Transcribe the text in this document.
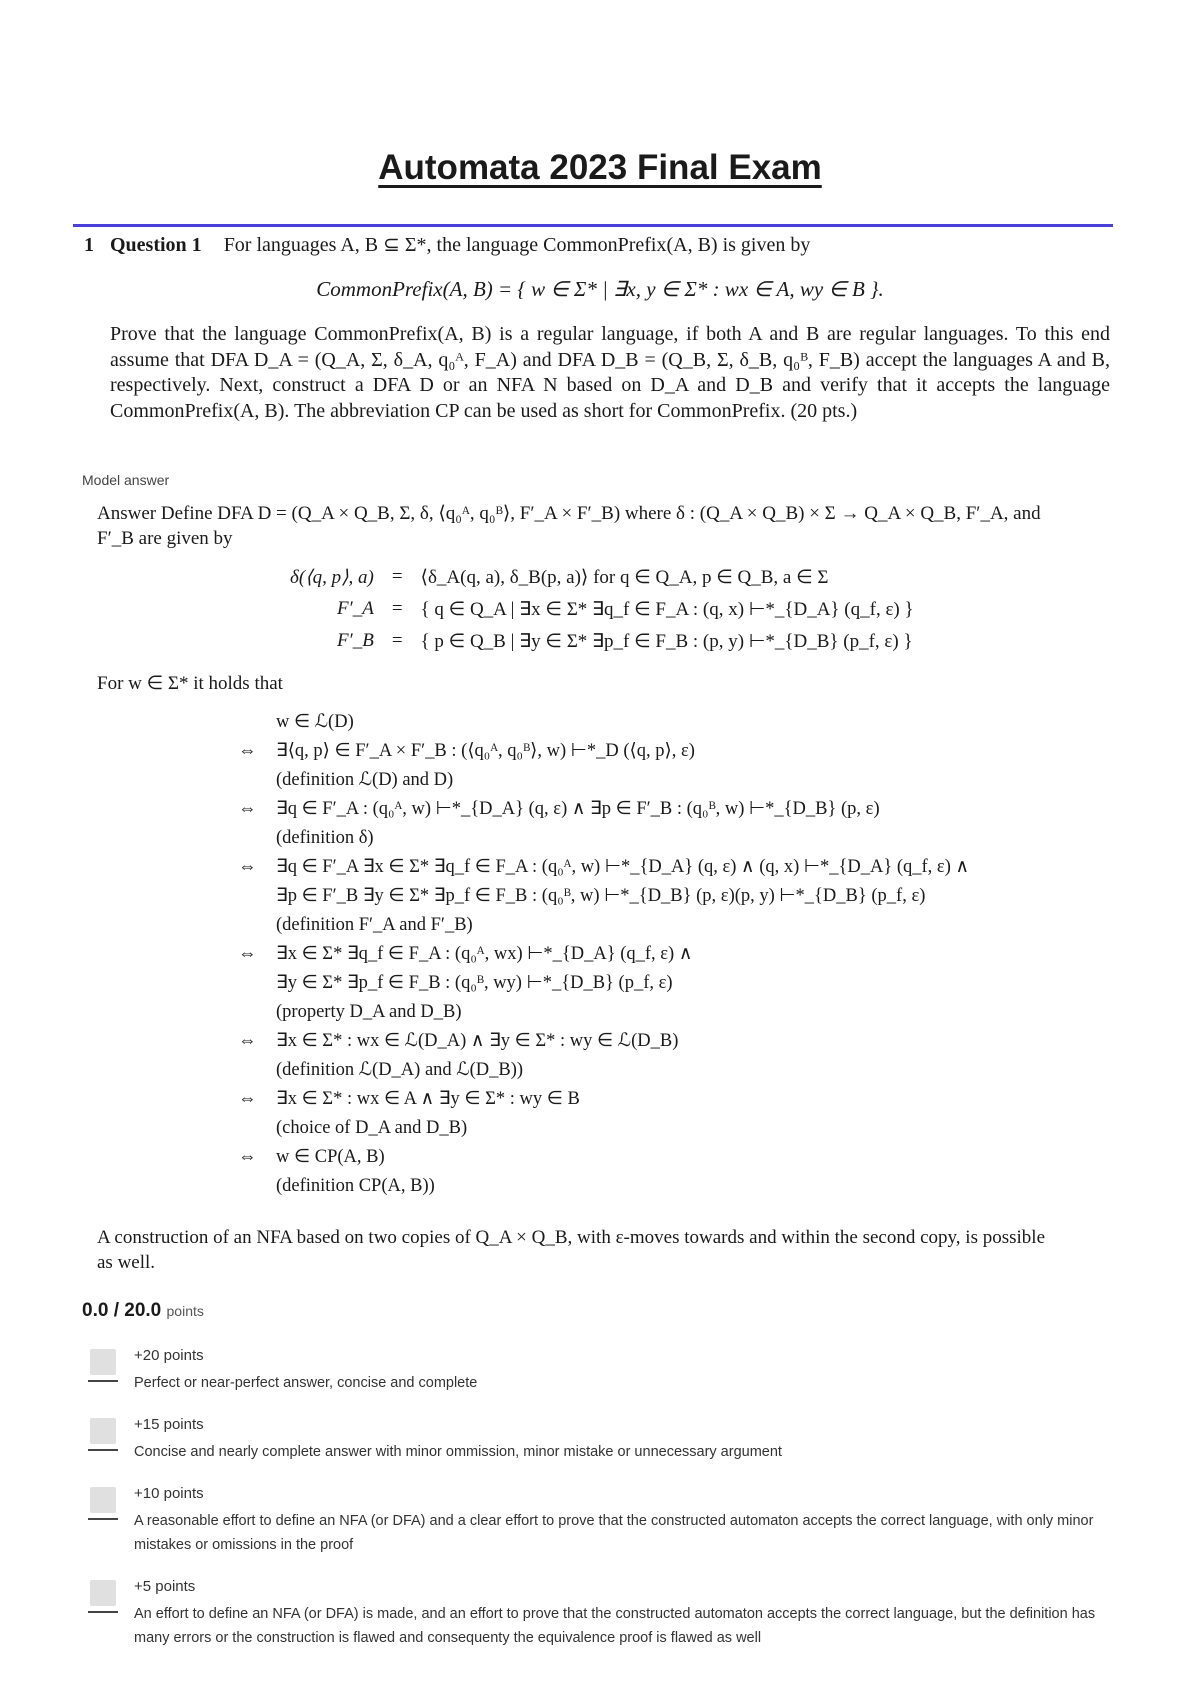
Automata 2023 Final Exam
1 Question 1 For languages A, B ⊆ Σ*, the language CommonPrefix(A, B) is given by
CommonPrefix(A, B) = { w ∈ Σ* | ∃x, y ∈ Σ* : wx ∈ A, wy ∈ B }.
Prove that the language CommonPrefix(A, B) is a regular language, if both A and B are regular languages. To this end assume that DFA D_A = (Q_A, Σ, δ_A, q₀ᴬ, F_A) and DFA D_B = (Q_B, Σ, δ_B, q₀ᴮ, F_B) accept the languages A and B, respectively. Next, construct a DFA D or an NFA N based on D_A and D_B and verify that it accepts the language CommonPrefix(A, B). The abbreviation CP can be used as short for CommonPrefix. (20 pts.)
Model answer
Answer Define DFA D = (Q_A × Q_B, Σ, δ, ⟨q₀ᴬ, q₀ᴮ⟩, F′_A × F′_B) where δ : (Q_A × Q_B) × Σ → Q_A × Q_B, F′_A, and F′_B are given by
δ(⟨q, p⟩, a)	=	⟨δ_A(q, a), δ_B(p, a)⟩ for q ∈ Q_A, p ∈ Q_B, a ∈ Σ
F′_A	=	{ q ∈ Q_A | ∃x ∈ Σ* ∃q_f ∈ F_A : (q, x) ⊢*_{D_A} (q_f, ε) }
F′_B	=	{ p ∈ Q_B | ∃y ∈ Σ* ∃p_f ∈ F_B : (p, y) ⊢*_{D_B} (p_f, ε) }
For w ∈ Σ* it holds that
w ∈ ℒ(D)
⇔ ∃⟨q, p⟩ ∈ F′_A × F′_B : (⟨q₀ᴬ, q₀ᴮ⟩, w) ⊢*_D (⟨q, p⟩, ε)
(definition ℒ(D) and D)
⇔ ∃q ∈ F′_A : (q₀ᴬ, w) ⊢*_{D_A} (q, ε) ∧ ∃p ∈ F′_B : (q₀ᴮ, w) ⊢*_{D_B} (p, ε)
(definition δ)
⇔ ∃q ∈ F′_A ∃x ∈ Σ* ∃q_f ∈ F_A : (q₀ᴬ, w) ⊢*_{D_A} (q, ε) ∧ (q, x) ⊢*_{D_A} (q_f, ε) ∧
∃p ∈ F′_B ∃y ∈ Σ* ∃p_f ∈ F_B : (q₀ᴮ, w) ⊢*_{D_B} (p, ε)(p, y) ⊢*_{D_B} (p_f, ε)
(definition F′_A and F′_B)
⇔ ∃x ∈ Σ* ∃q_f ∈ F_A : (q₀ᴬ, wx) ⊢*_{D_A} (q_f, ε) ∧
∃y ∈ Σ* ∃p_f ∈ F_B : (q₀ᴮ, wy) ⊢*_{D_B} (p_f, ε)
(property D_A and D_B)
⇔ ∃x ∈ Σ* : wx ∈ ℒ(D_A) ∧ ∃y ∈ Σ* : wy ∈ ℒ(D_B)
(definition ℒ(D_A) and ℒ(D_B))
⇔ ∃x ∈ Σ* : wx ∈ A ∧ ∃y ∈ Σ* : wy ∈ B
(choice of D_A and D_B)
⇔ w ∈ CP(A, B)
(definition CP(A, B))
A construction of an NFA based on two copies of Q_A × Q_B, with ε-moves towards and within the second copy, is possible as well.
0.0 / 20.0 points
+20 points
Perfect or near-perfect answer, concise and complete
+15 points
Concise and nearly complete answer with minor ommission, minor mistake or unnecessary argument
+10 points
A reasonable effort to define an NFA (or DFA) and a clear effort to prove that the constructed automaton accepts the correct language, with only minor mistakes or omissions in the proof
+5 points
An effort to define an NFA (or DFA) is made, and an effort to prove that the constructed automaton accepts the correct language, but the definition has many errors or the construction is flawed and consequenty the equivalence proof is flawed as well
